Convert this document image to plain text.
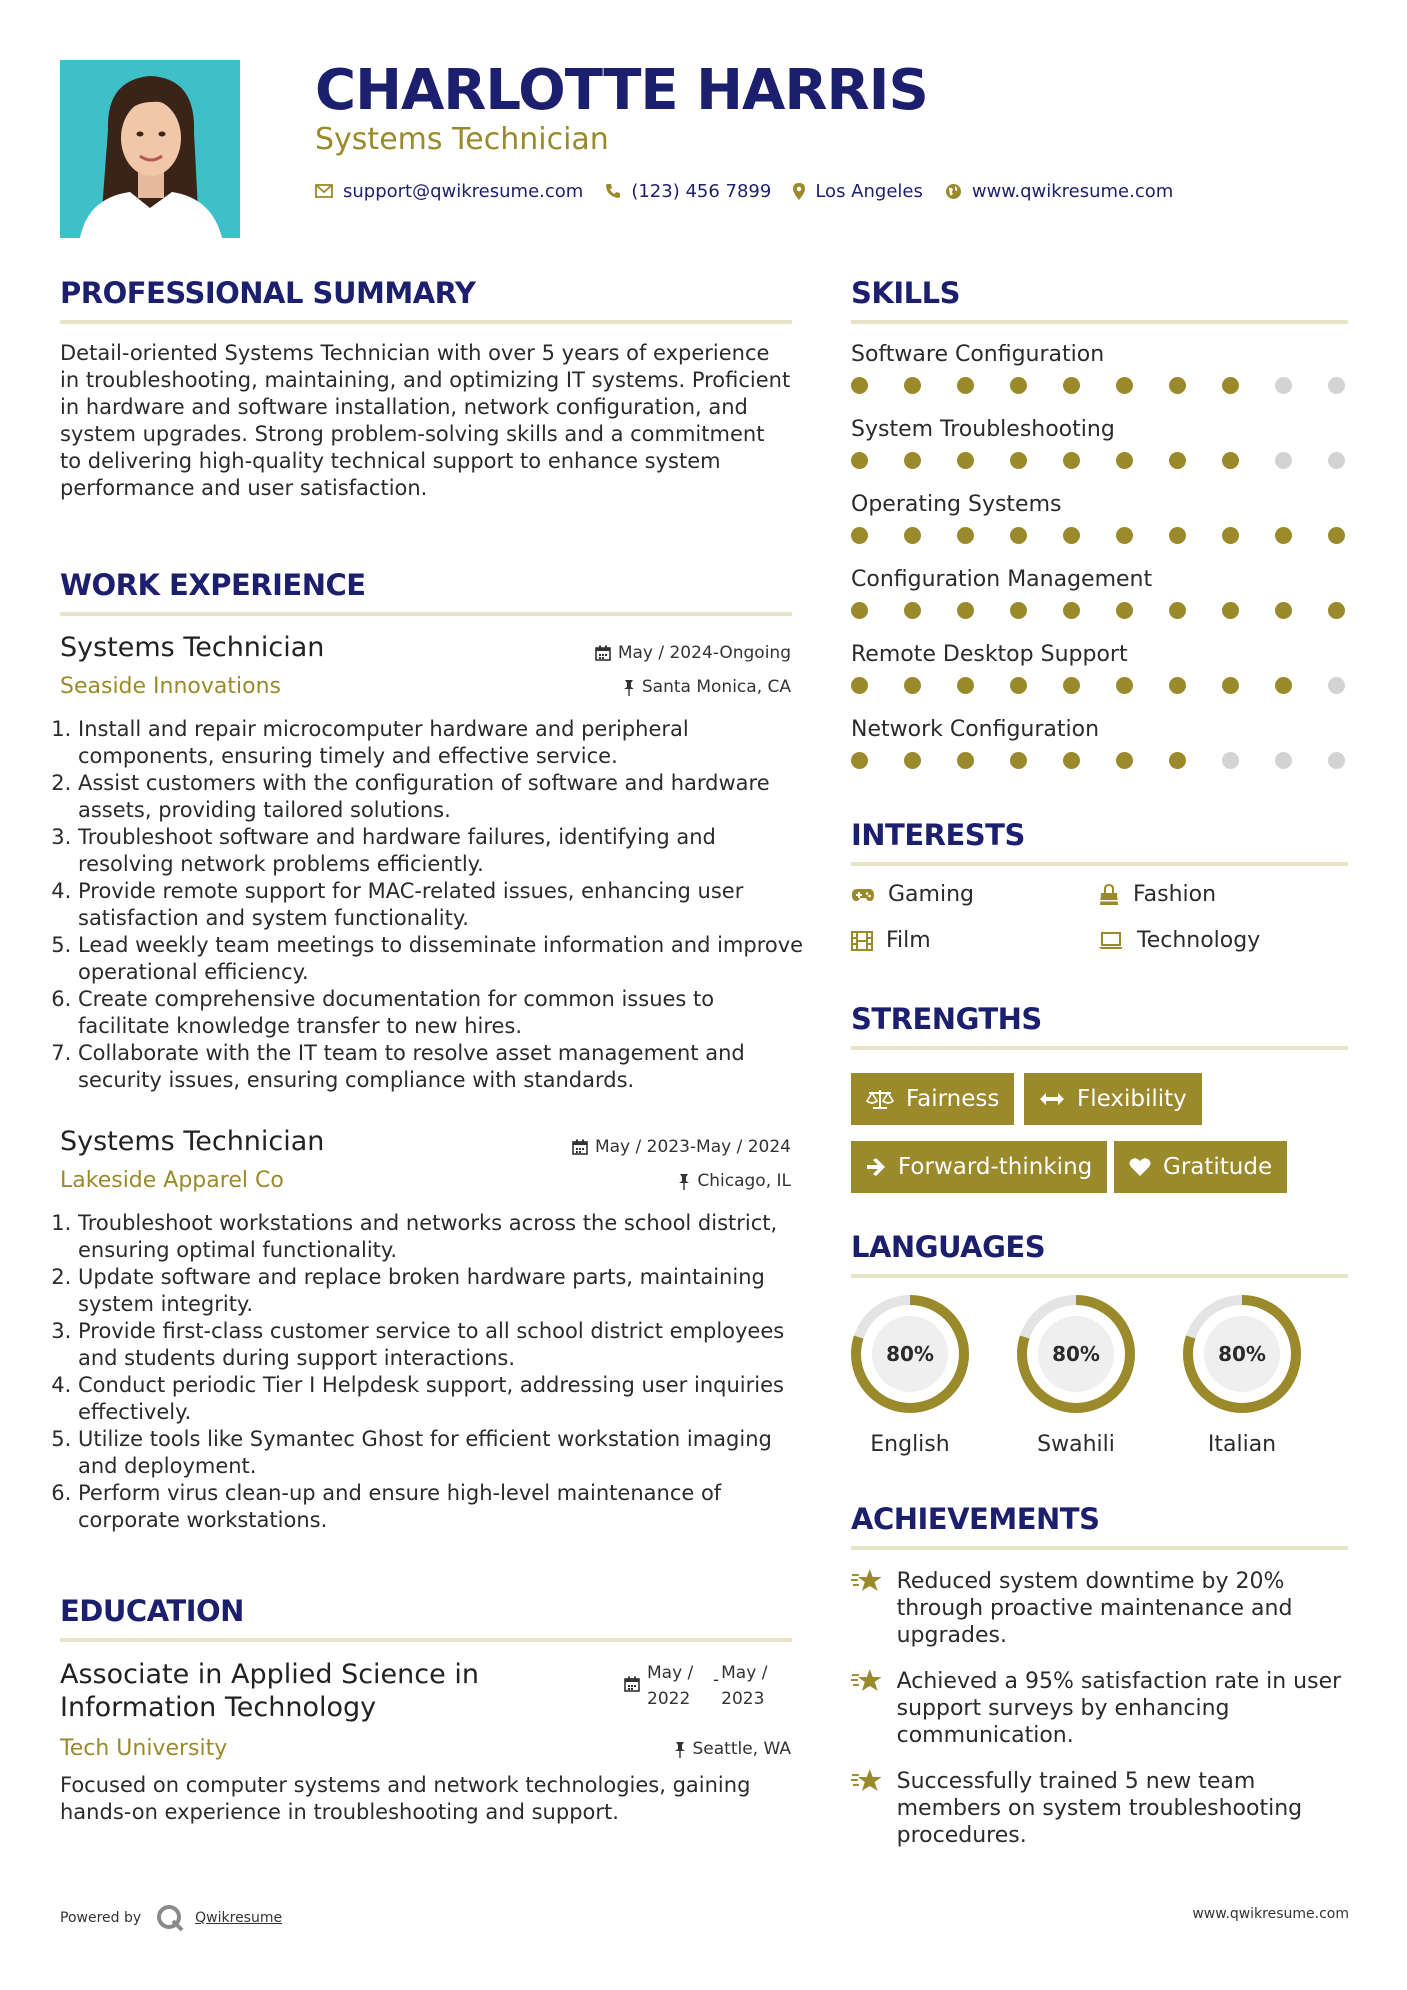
CHARLOTTE HARRIS
Systems Technician
support@qwikresume.com	(123) 456 7899 Los Angeles	www.qwikresume.com
PROFESSIONAL SUMMARY
Detail-oriented Systems Technician with over 5 years of experience in troubleshooting, maintaining, and optimizing IT systems. Proficient in hardware and software installation, network configuration, and system upgrades. Strong problem-solving skills and a commitment to delivering high-quality technical support to enhance system performance and user satisfaction.
WORK EXPERIENCE
Systems Technician	May / 2024-Ongoing
Seaside Innovations	Santa Monica, CA
1. Install and repair microcomputer hardware and peripheral components, ensuring timely and effective service.
2. Assist customers with the configuration of software and hardware assets, providing tailored solutions.
3. Troubleshoot software and hardware failures, identifying and resolving network problems efficiently.
4. Provide remote support for MAC-related issues, enhancing user satisfaction and system functionality.
5. Lead weekly team meetings to disseminate information and improve operational efficiency.
6. Create comprehensive documentation for common issues to facilitate knowledge transfer to new hires.
7. Collaborate with the IT team to resolve asset management and security issues, ensuring compliance with standards.
Systems Technician	May / 2023-May / 2024
Lakeside Apparel Co	Chicago, IL
1. Troubleshoot workstations and networks across the school district, ensuring optimal functionality.
2. Update software and replace broken hardware parts, maintaining system integrity.
3. Provide first-class customer service to all school district employees and students during support interactions.
4. Conduct periodic Tier I Helpdesk support, addressing user inquiries effectively.
5. Utilize tools like Symantec Ghost for efficient workstation imaging and deployment.
6. Perform virus clean-up and ensure high-level maintenance of corporate workstations.
EDUCATION
Associate in Applied Science in Information Technology
May / 2022
- May / 2023
Tech University	Seattle, WA
Focused on computer systems and network technologies, gaining hands-on experience in troubleshooting and support.
SKILLS
Software Configuration
System Troubleshooting
Operating Systems
Configuration Management
Remote Desktop Support
Network Configuration
INTERESTS
Gaming	Fashion
Film	Technology
STRENGTHS
Fairness	Flexibility
Forward-thinking	Gratitude
LANGUAGES
80%
English
80%
Swahili
80%
Italian
ACHIEVEMENTS
Reduced system downtime by 20% through proactive maintenance and upgrades.
Achieved a 95% satisfaction rate in user support surveys by enhancing communication.
Successfully trained 5 new team members on system troubleshooting procedures.
Powered by	Qwikresume	www.qwikresume.com
